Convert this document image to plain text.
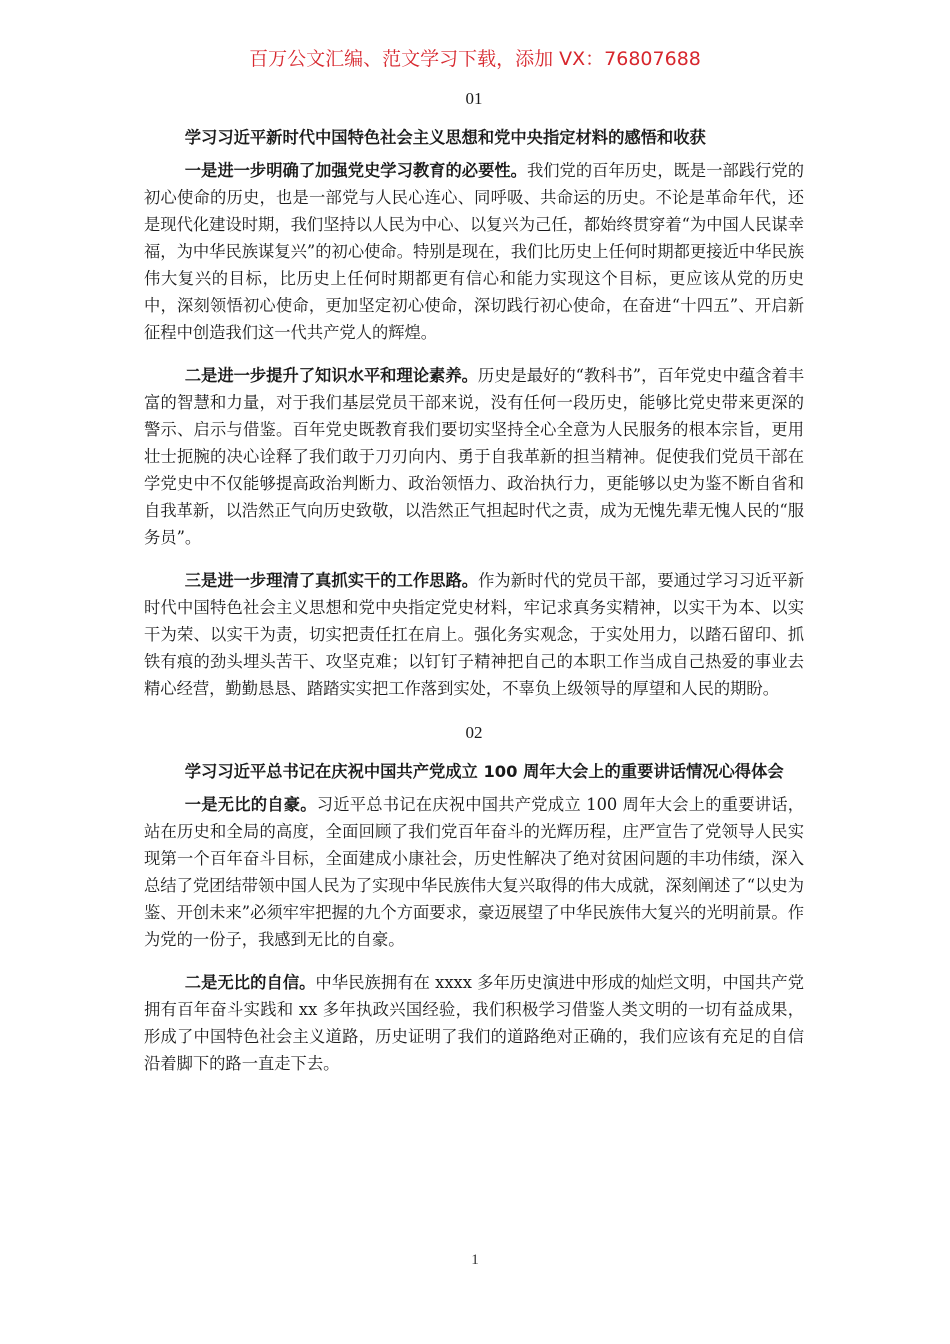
百万公文汇编、范文学习下载，添加 VX：76807688
01
学习习近平新时代中国特色社会主义思想和党中央指定材料的感悟和收获

一是进一步明确了加强党史学习教育的必要性。我们党的百年历史，既是一部践行党的初心使命的历史，也是一部党与人民心连心、同呼吸、共命运的历史。不论是革命年代，还是现代化建设时期，我们坚持以人民为中心、以复兴为己任，都始终贯穿着“为中国人民谋幸福，为中华民族谋复兴”的初心使命。特别是现在，我们比历史上任何时期都更接近中华民族伟大复兴的目标，比历史上任何时期都更有信心和能力实现这个目标，更应该从党的历史中，深刻领悟初心使命，更加坚定初心使命，深切践行初心使命，在奋进“十四五”、开启新征程中创造我们这一代共产党人的辉煌。

二是进一步提升了知识水平和理论素养。历史是最好的“教科书”，百年党史中蕴含着丰富的智慧和力量，对于我们基层党员干部来说，没有任何一段历史，能够比党史带来更深的警示、启示与借鉴。百年党史既教育我们要切实坚持全心全意为人民服务的根本宗旨，更用壮士扼腕的决心诠释了我们敢于刀刃向内、勇于自我革新的担当精神。促使我们党员干部在学党史中不仅能够提高政治判断力、政治领悟力、政治执行力，更能够以史为鉴不断自省和自我革新，以浩然正气向历史致敬，以浩然正气担起时代之责，成为无愧先辈无愧人民的“服务员”。

三是进一步理清了真抓实干的工作思路。作为新时代的党员干部，要通过学习习近平新时代中国特色社会主义思想和党中央指定党史材料，牢记求真务实精神，以实干为本、以实干为荣、以实干为责，切实把责任扛在肩上。强化务实观念，于实处用力，以踏石留印、抓铁有痕的劲头埋头苦干、攻坚克难；以钉钉子精神把自己的本职工作当成自己热爱的事业去精心经营，勤勤恳恳、踏踏实实把工作落到实处，不辜负上级领导的厚望和人民的期盼。

02
学习习近平总书记在庆祝中国共产党成立 100 周年大会上的重要讲话情况心得体会

一是无比的自豪。习近平总书记在庆祝中国共产党成立 100 周年大会上的重要讲话，站在历史和全局的高度，全面回顾了我们党百年奋斗的光辉历程，庄严宣告了党领导人民实现第一个百年奋斗目标，全面建成小康社会，历史性解决了绝对贫困问题的丰功伟绩，深入总结了党团结带领中国人民为了实现中华民族伟大复兴取得的伟大成就，深刻阐述了“以史为鉴、开创未来”必须牢牢把握的九个方面要求，豪迈展望了中华民族伟大复兴的光明前景。作为党的一份子，我感到无比的自豪。

二是无比的自信。中华民族拥有在 xxxx 多年历史演进中形成的灿烂文明，中国共产党拥有百年奋斗实践和 xx 多年执政兴国经验，我们积极学习借鉴人类文明的一切有益成果，形成了中国特色社会主义道路，历史证明了我们的道路绝对正确的，我们应该有充足的自信沿着脚下的路一直走下去。

1
